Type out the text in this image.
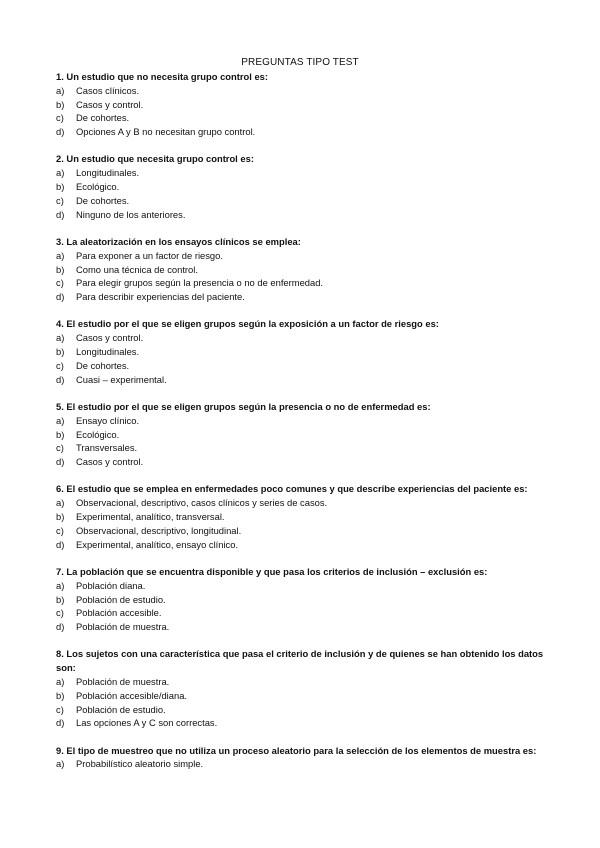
PREGUNTAS TIPO TEST
1. Un estudio que no necesita grupo control es:
a)	Casos clínicos.
b)	Casos y control.
c)	De cohortes.
d)	Opciones A y B no necesitan grupo control.
2. Un estudio que necesita grupo control es:
a)	Longitudinales.
b)	Ecológico.
c)	De cohortes.
d)	Ninguno de los anteriores.
3. La aleatorización en los ensayos clínicos se emplea:
a)	Para exponer a un factor de riesgo.
b)	Como una técnica de control.
c)	Para elegir grupos según la presencia o no de enfermedad.
d)	Para describir experiencias del paciente.
4. El estudio por el que se eligen grupos según la exposición a un factor de riesgo es:
a)	Casos y control.
b)	Longitudinales.
c)	De cohortes.
d)	Cuasi – experimental.
5. El estudio por el que se eligen grupos según la presencia o no de enfermedad es:
a)	Ensayo clínico.
b)	Ecológico.
c)	Transversales.
d)	Casos y control.
6. El estudio que se emplea en enfermedades poco comunes y que describe experiencias del paciente es:
a)	Observacional, descriptivo, casos clínicos y series de casos.
b)	Experimental, analítico, transversal.
c)	Observacional, descriptivo, longitudinal.
d)	Experimental, analítico, ensayo clínico.
7. La población que se encuentra disponible y que pasa los criterios de inclusión – exclusión es:
a)	Población diana.
b)	Población de estudio.
c)	Población accesible.
d)	Población de muestra.
8. Los sujetos con una característica que pasa el criterio de inclusión y de quienes se han obtenido los datos son:
a)	Población de muestra.
b)	Población accesible/diana.
c)	Población de estudio.
d)	Las opciones A y C son correctas.
9. El tipo de muestreo que no utiliza un proceso aleatorio para la selección de los elementos de muestra es:
a)	Probabilístico aleatorio simple.
